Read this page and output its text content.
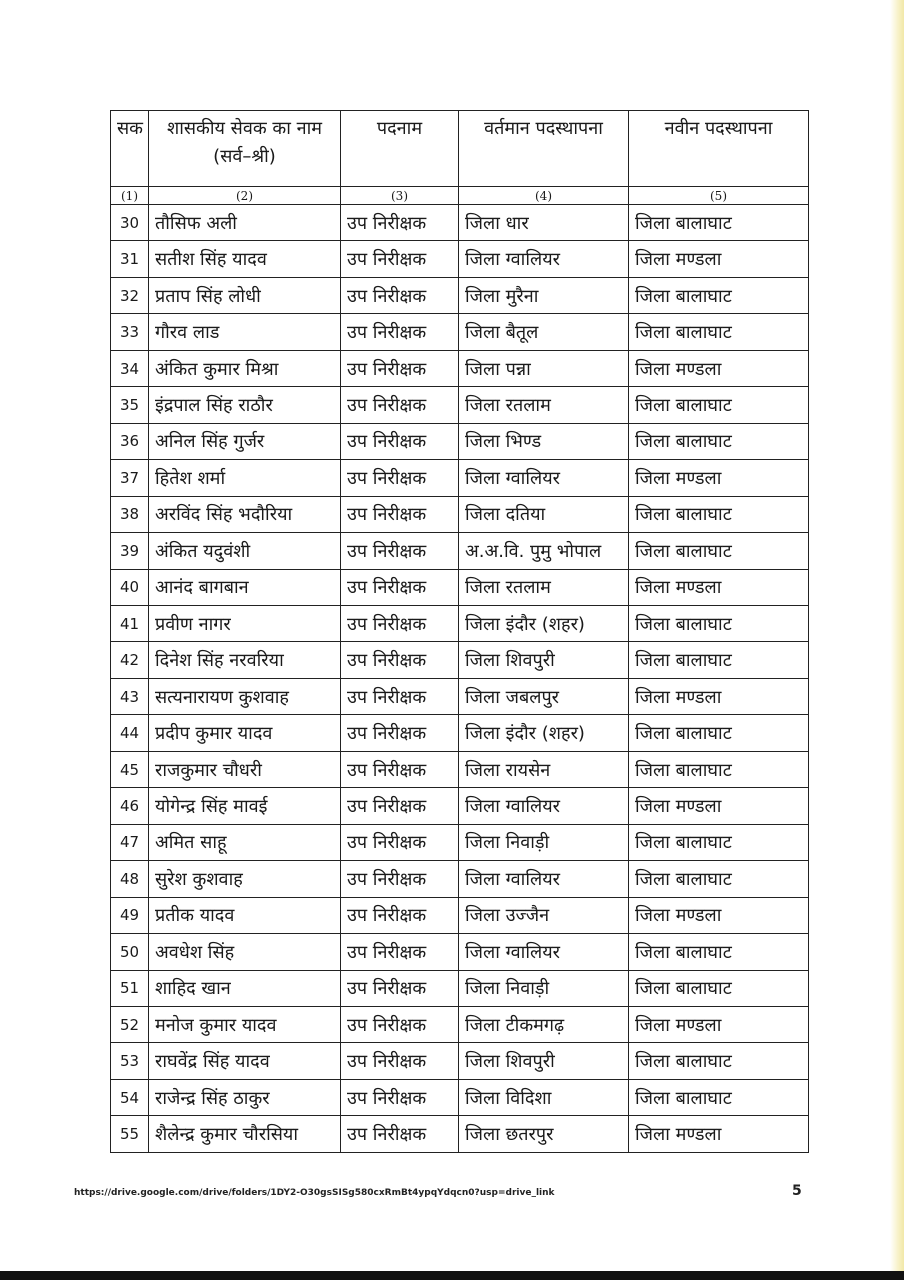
सक	शासकीय सेवक का नाम (सर्व–श्री)	पदनाम	वर्तमान पदस्थापना	नवीन पदस्थापना
(1)	(2)	(3)	(4)	(5)
30	तौसिफ अली	उप निरीक्षक	जिला धार	जिला बालाघाट
31	सतीश सिंह यादव	उप निरीक्षक	जिला ग्वालियर	जिला मण्डला
32	प्रताप सिंह लोधी	उप निरीक्षक	जिला मुरैना	जिला बालाघाट
33	गौरव लाड	उप निरीक्षक	जिला बैतूल	जिला बालाघाट
34	अंकित कुमार मिश्रा	उप निरीक्षक	जिला पन्ना	जिला मण्डला
35	इंद्रपाल सिंह राठौर	उप निरीक्षक	जिला रतलाम	जिला बालाघाट
36	अनिल सिंह गुर्जर	उप निरीक्षक	जिला भिण्ड	जिला बालाघाट
37	हितेश शर्मा	उप निरीक्षक	जिला ग्वालियर	जिला मण्डला
38	अरविंद सिंह भदौरिया	उप निरीक्षक	जिला दतिया	जिला बालाघाट
39	अंकित यदुवंशी	उप निरीक्षक	अ.अ.वि. पुमु भोपाल	जिला बालाघाट
40	आनंद बागबान	उप निरीक्षक	जिला रतलाम	जिला मण्डला
41	प्रवीण नागर	उप निरीक्षक	जिला इंदौर (शहर)	जिला बालाघाट
42	दिनेश सिंह नरवरिया	उप निरीक्षक	जिला शिवपुरी	जिला बालाघाट
43	सत्यनारायण कुशवाह	उप निरीक्षक	जिला जबलपुर	जिला मण्डला
44	प्रदीप कुमार यादव	उप निरीक्षक	जिला इंदौर (शहर)	जिला बालाघाट
45	राजकुमार चौधरी	उप निरीक्षक	जिला रायसेन	जिला बालाघाट
46	योगेन्द्र सिंह मावई	उप निरीक्षक	जिला ग्वालियर	जिला मण्डला
47	अमित साहू	उप निरीक्षक	जिला निवाड़ी	जिला बालाघाट
48	सुरेश कुशवाह	उप निरीक्षक	जिला ग्वालियर	जिला बालाघाट
49	प्रतीक यादव	उप निरीक्षक	जिला उज्जैन	जिला मण्डला
50	अवधेश सिंह	उप निरीक्षक	जिला ग्वालियर	जिला बालाघाट
51	शाहिद खान	उप निरीक्षक	जिला निवाड़ी	जिला बालाघाट
52	मनोज कुमार यादव	उप निरीक्षक	जिला टीकमगढ़	जिला मण्डला
53	राघवेंद्र सिंह यादव	उप निरीक्षक	जिला शिवपुरी	जिला बालाघाट
54	राजेन्द्र सिंह ठाकुर	उप निरीक्षक	जिला विदिशा	जिला बालाघाट
55	शैलेन्द्र कुमार चौरसिया	उप निरीक्षक	जिला छतरपुर	जिला मण्डला
https://drive.google.com/drive/folders/1DY2-O30gsSISg580cxRmBt4ypqYdqcn0?usp=drive_link	5
